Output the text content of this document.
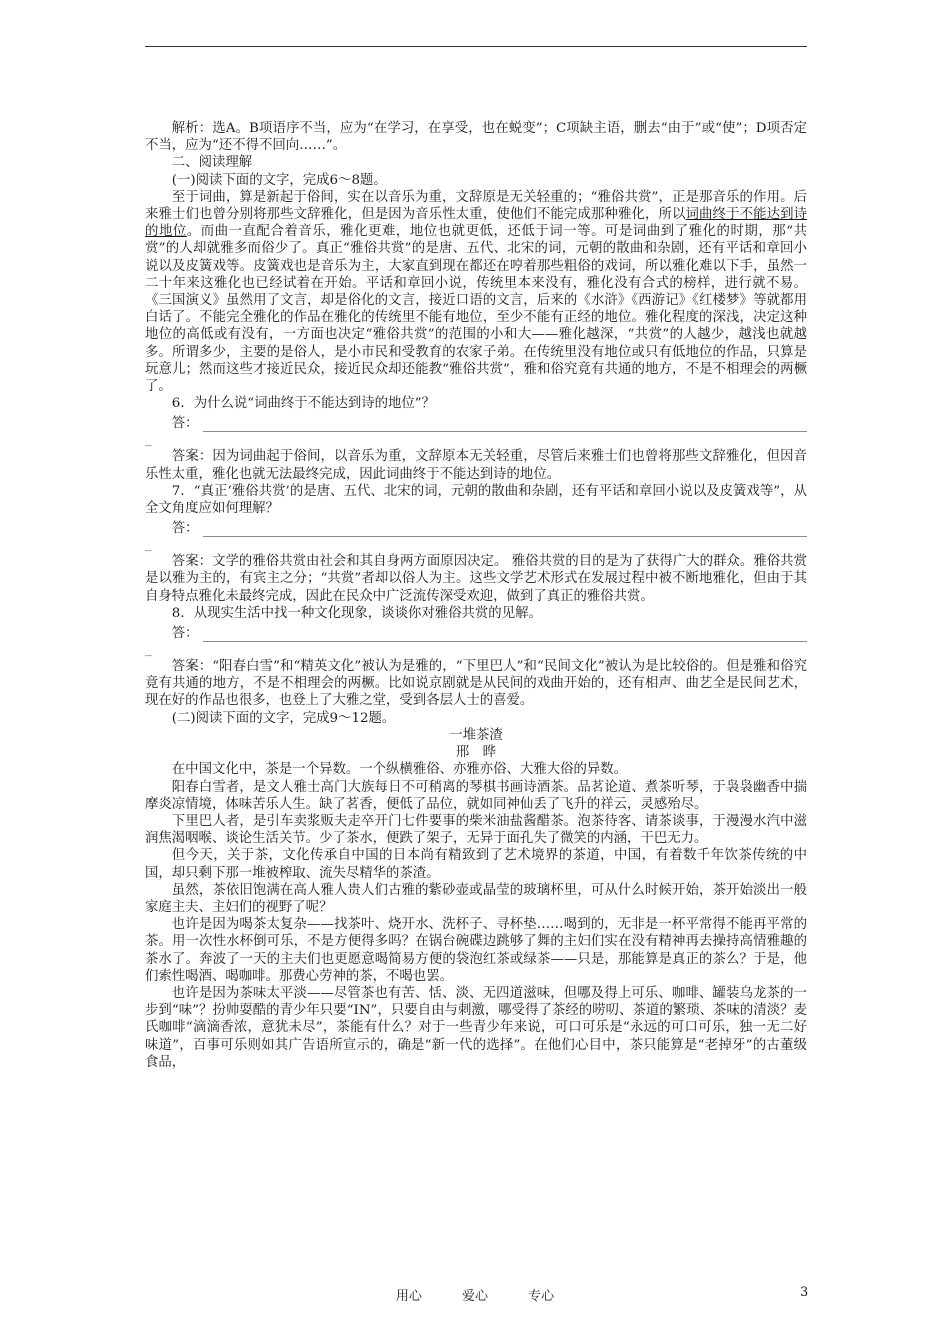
解析：选A。B项语序不当，应为“在学习，在享受，也在蜕变”；C项缺主语，删去“由于”或“使”；D项否定不当，应为“还不得不回向……”。

二、阅读理解

(一)阅读下面的文字，完成6～8题。

至于词曲，算是新起于俗间，实在以音乐为重，文辞原是无关轻重的；“雅俗共赏”，正是那音乐的作用。后来雅士们也曾分别将那些文辞雅化，但是因为音乐性太重，使他们不能完成那种雅化，所以词曲终于不能达到诗的地位。而曲一直配合着音乐，雅化更难，地位也就更低，还低于词一等。可是词曲到了雅化的时期，那“共赏”的人却就雅多而俗少了。真正“雅俗共赏”的是唐、五代、北宋的词，元朝的散曲和杂剧，还有平话和章回小说以及皮簧戏等。皮簧戏也是音乐为主，大家直到现在都还在哼着那些粗俗的戏词，所以雅化难以下手，虽然一二十年来这雅化也已经试着在开始。平话和章回小说，传统里本来没有，雅化没有合式的榜样，进行就不易。《三国演义》虽然用了文言，却是俗化的文言，接近口语的文言，后来的《水浒》《西游记》《红楼梦》等就都用白话了。不能完全雅化的作品在雅化的传统里不能有地位，至少不能有正经的地位。雅化程度的深浅，决定这种地位的高低或有没有，一方面也决定“雅俗共赏”的范围的小和大——雅化越深，“共赏”的人越少，越浅也就越多。所谓多少，主要的是俗人，是小市民和受教育的农家子弟。在传统里没有地位或只有低地位的作品，只算是玩意儿；然而这些才接近民众，接近民众却还能教“雅俗共赏”，雅和俗究竟有共通的地方，不是不相理会的两橛了。

6．为什么说“词曲终于不能达到诗的地位”？

答：

_

答案：因为词曲起于俗间，以音乐为重，文辞原本无关轻重，尽管后来雅士们也曾将那些文辞雅化，但因音乐性太重，雅化也就无法最终完成，因此词曲终于不能达到诗的地位。

7．“真正‘雅俗共赏’的是唐、五代、北宋的词，元朝的散曲和杂剧，还有平话和章回小说以及皮簧戏等”，从全文角度应如何理解？

答：

_

答案：文学的雅俗共赏由社会和其自身两方面原因决定。 雅俗共赏的目的是为了获得广大的群众。雅俗共赏是以雅为主的，有宾主之分；“共赏”者却以俗人为主。这些文学艺术形式在发展过程中被不断地雅化，但由于其自身特点雅化未最终完成，因此在民众中广泛流传深受欢迎，做到了真正的雅俗共赏。

8．从现实生活中找一种文化现象，谈谈你对雅俗共赏的见解。

答：

_

答案：“阳春白雪”和“精英文化”被认为是雅的，“下里巴人”和“民间文化”被认为是比较俗的。但是雅和俗究竟有共通的地方，不是不相理会的两橛。比如说京剧就是从民间的戏曲开始的，还有相声、曲艺全是民间艺术，现在好的作品也很多，也登上了大雅之堂，受到各层人士的喜爱。

(二)阅读下面的文字，完成9～12题。

一堆茶渣

邢　晔

在中国文化中，茶是一个异数。一个纵横雅俗、亦雅亦俗、大雅大俗的异数。

阳春白雪者，是文人雅士高门大族每日不可稍离的琴棋书画诗酒茶。品茗论道、煮茶听琴，于袅袅幽香中揣摩炎凉情境，体味苦乐人生。缺了茗香，便低了品位，就如同神仙丢了飞升的祥云，灵感殆尽。

下里巴人者，是引车卖浆贩夫走卒开门七件要事的柴米油盐酱醋茶。泡茶待客、请茶谈事，于漫漫水汽中滋润焦渴咽喉、谈论生活关节。少了茶水，便跌了架子，无异于面孔失了微笑的内涵，干巴无力。

但今天，关于茶，文化传承自中国的日本尚有精致到了艺术境界的茶道，中国，有着数千年饮茶传统的中国，却只剩下那一堆被榨取、流失尽精华的茶渣。

虽然，茶依旧饱满在高人雅人贵人们古雅的紫砂壶或晶莹的玻璃杯里，可从什么时候开始，茶开始淡出一般家庭主夫、主妇们的视野了呢？

也许是因为喝茶太复杂——找茶叶、烧开水、洗杯子、寻杯垫……喝到的，无非是一杯平常得不能再平常的茶。用一次性水杯倒可乐，不是方便得多吗？在锅台碗碟边跳够了舞的主妇们实在没有精神再去操持高情雅趣的茶水了。奔波了一天的主夫们也更愿意喝简易方便的袋泡红茶或绿茶——只是，那能算是真正的茶么？于是，他们索性喝酒、喝咖啡。那费心劳神的茶，不喝也罢。

也许是因为茶味太平淡——尽管茶也有苦、恬、淡、无四道滋味，但哪及得上可乐、咖啡、罐装乌龙茶的一步到“味”？扮帅耍酷的青少年只要“IN”，只要自由与刺激，哪受得了茶经的唠叨、茶道的繁琐、茶味的清淡？麦氏咖啡“滴滴香浓，意犹未尽”，茶能有什么？对于一些青少年来说，可口可乐是“永远的可口可乐，独一无二好味道”，百事可乐则如其广告语所宣示的，确是“新一代的选择”。在他们心目中，茶只能算是“老掉牙”的古董级食品，

用心	爱心	专心	3
